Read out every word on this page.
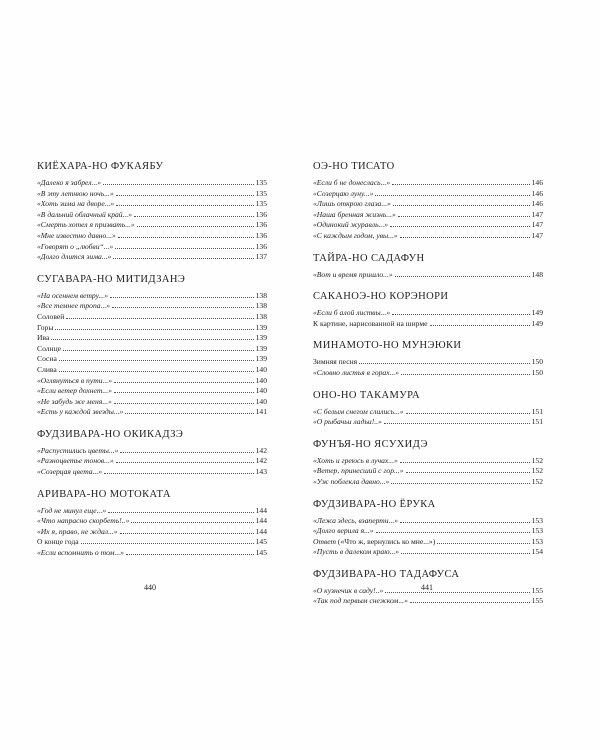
КИЁХАРА-НО ФУКАЯБУ
«Далеко я забрел...»	135
«В эту летнюю ночь...»	135
«Хоть зима на дворе...»	135
«В дальний облачный край...»	136
«Смерть хотел я призвать...»	136
«Мне известно давно...»	136
«Говорят о „любви“...»	136
«Долго длится зима...»	137
СУГАВАРА-НО МИТИДЗАНЭ
«На осеннем ветру...»	138
«Все темнее тропа...»	138
Соловей	138
Горы	139
Ива	139
Солнце	139
Сосна	139
Слива	140
«Оглянуться в пути...»	140
«Если ветер дохнет...»	140
«Не забудь же меня...»	140
«Есть у каждой звезды...»	141
ФУДЗИВАРА-НО ОКИКАДЗЭ
«Распустились цветы...»	142
«Разноцветье тонов...»	142
«Созерцая цвета...»	143
АРИВАРА-НО МОТОКАТА
«Год не минул еще...»	144
«Что напрасно скорбеть!..»	144
«Их я, право, не ждал...»	144
О конце года	145
«Если вспомнить о том...»	145
ОЭ-НО ТИСАТО
«Если б не донеслась...»	146
«Созерцаю луну...»	146
«Лишь открою глаза...»	146
«Наша бренная жизнь...»	147
«Одинокий журавль...»	147
«С каждым годом, увы...»	147
ТАЙРА-НО САДАФУН
«Вот и время пришло...»	148
САКАНОЭ-НО КОРЭНОРИ
«Если б алой листвы...»	149
К картине, нарисованной на ширме	149
МИНАМОТО-НО МУНЭЮКИ
Зимняя песня	150
«Словно листья в горах...»	150
ОНО-НО ТАКАМУРА
«С белым снегом слились...»	151
«О рыбачьи ладьи!..»	151
ФУНЪЯ-НО ЯСУХИДЭ
«Хоть и греюсь в лучах...»	152
«Ветер, принесший с гор...»	152
«Уж поблекла давно...»	152
ФУДЗИВАРА-НО ЁРУКА
«Лежа здесь, взаперти...»	153
«Долго верила я...»	153
Ответ («Что ж, вернулись ко мне...»)	153
«Пусть в далеком краю...»	154
ФУДЗИВАРА-НО ТАДАФУСА
«О кузнечик в саду!..»	155
«Так под первым снежком...»	155
440	441
